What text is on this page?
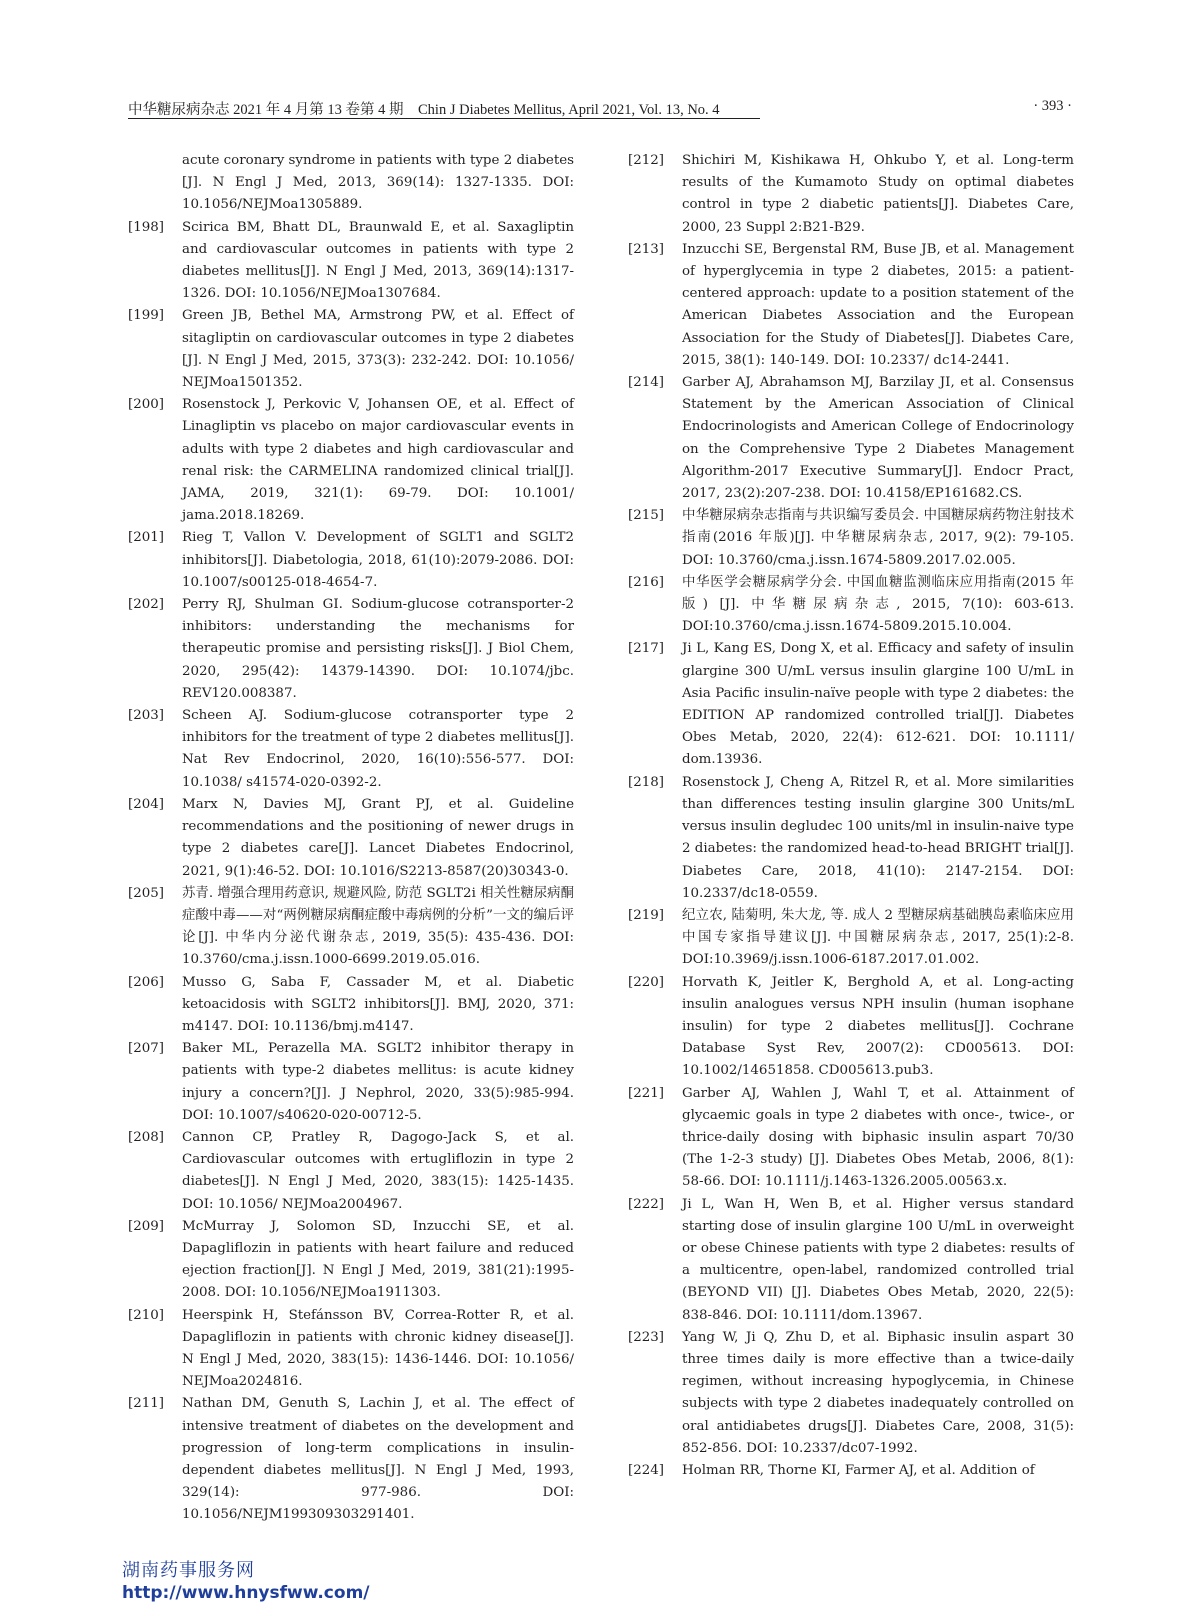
中华糖尿病杂志 2021 年 4 月第 13 卷第 4 期　Chin J Diabetes Mellitus, April 2021, Vol. 13, No. 4	· 393 ·

acute coronary syndrome in patients with type 2 diabetes [J]. N Engl J Med, 2013, 369(14): 1327-1335. DOI: 10.1056/NEJMoa1305889.

[198] Scirica BM, Bhatt DL, Braunwald E, et al. Saxagliptin and cardiovascular outcomes in patients with type 2 diabetes mellitus[J]. N Engl J Med, 2013, 369(14):1317-1326. DOI: 10.1056/NEJMoa1307684.

[199] Green JB, Bethel MA, Armstrong PW, et al. Effect of sitagliptin on cardiovascular outcomes in type 2 diabetes [J]. N Engl J Med, 2015, 373(3): 232-242. DOI: 10.1056/ NEJMoa1501352.

[200] Rosenstock J, Perkovic V, Johansen OE, et al. Effect of Linagliptin vs placebo on major cardiovascular events in adults with type 2 diabetes and high cardiovascular and renal risk: the CARMELINA randomized clinical trial[J]. JAMA, 2019, 321(1): 69-79. DOI: 10.1001/ jama.2018.18269.

[201] Rieg T, Vallon V. Development of SGLT1 and SGLT2 inhibitors[J]. Diabetologia, 2018, 61(10):2079-2086. DOI: 10.1007/s00125-018-4654-7.

[202] Perry RJ, Shulman GI. Sodium-glucose cotransporter-2 inhibitors: understanding the mechanisms for therapeutic promise and persisting risks[J]. J Biol Chem, 2020, 295(42): 14379-14390. DOI: 10.1074/jbc. REV120.008387.

[203] Scheen AJ. Sodium-glucose cotransporter type 2 inhibitors for the treatment of type 2 diabetes mellitus[J]. Nat Rev Endocrinol, 2020, 16(10):556-577. DOI: 10.1038/ s41574-020-0392-2.

[204] Marx N, Davies MJ, Grant PJ, et al. Guideline recommendations and the positioning of newer drugs in type 2 diabetes care[J]. Lancet Diabetes Endocrinol, 2021, 9(1):46-52. DOI: 10.1016/S2213-8587(20)30343-0.

[205] 苏青. 增强合理用药意识, 规避风险, 防范 SGLT2i 相关性糖尿病酮症酸中毒——对“两例糖尿病酮症酸中毒病例的分析”一文的编后评论[J]. 中华内分泌代谢杂志, 2019, 35(5): 435-436. DOI: 10.3760/cma.j.issn.1000-6699.2019.05.016.

[206] Musso G, Saba F, Cassader M, et al. Diabetic ketoacidosis with SGLT2 inhibitors[J]. BMJ, 2020, 371: m4147. DOI: 10.1136/bmj.m4147.

[207] Baker ML, Perazella MA. SGLT2 inhibitor therapy in patients with type-2 diabetes mellitus: is acute kidney injury a concern?[J]. J Nephrol, 2020, 33(5):985-994. DOI: 10.1007/s40620-020-00712-5.

[208] Cannon CP, Pratley R, Dagogo-Jack S, et al. Cardiovascular outcomes with ertugliflozin in type 2 diabetes[J]. N Engl J Med, 2020, 383(15): 1425-1435. DOI: 10.1056/ NEJMoa2004967.

[209] McMurray J, Solomon SD, Inzucchi SE, et al. Dapagliflozin in patients with heart failure and reduced ejection fraction[J]. N Engl J Med, 2019, 381(21):1995-2008. DOI: 10.1056/NEJMoa1911303.

[210] Heerspink H, Stefánsson BV, Correa-Rotter R, et al. Dapagliflozin in patients with chronic kidney disease[J]. N Engl J Med, 2020, 383(15): 1436-1446. DOI: 10.1056/ NEJMoa2024816.

[211] Nathan DM, Genuth S, Lachin J, et al. The effect of intensive treatment of diabetes on the development and progression of long-term complications in insulin-dependent diabetes mellitus[J]. N Engl J Med, 1993, 329(14): 977-986. DOI: 10.1056/NEJM199309303291401.

[212] Shichiri M, Kishikawa H, Ohkubo Y, et al. Long-term results of the Kumamoto Study on optimal diabetes control in type 2 diabetic patients[J]. Diabetes Care, 2000, 23 Suppl 2:B21-B29.

[213] Inzucchi SE, Bergenstal RM, Buse JB, et al. Management of hyperglycemia in type 2 diabetes, 2015: a patient-centered approach: update to a position statement of the American Diabetes Association and the European Association for the Study of Diabetes[J]. Diabetes Care, 2015, 38(1): 140-149. DOI: 10.2337/ dc14-2441.

[214] Garber AJ, Abrahamson MJ, Barzilay JI, et al. Consensus Statement by the American Association of Clinical Endocrinologists and American College of Endocrinology on the Comprehensive Type 2 Diabetes Management Algorithm-2017 Executive Summary[J]. Endocr Pract, 2017, 23(2):207-238. DOI: 10.4158/EP161682.CS.

[215] 中华糖尿病杂志指南与共识编写委员会. 中国糖尿病药物注射技术指南(2016 年版)[J]. 中华糖尿病杂志, 2017, 9(2): 79-105. DOI: 10.3760/cma.j.issn.1674-5809.2017.02.005.

[216] 中华医学会糖尿病学分会. 中国血糖监测临床应用指南(2015 年版) [J]. 中华糖尿病杂志, 2015, 7(10): 603-613. DOI:10.3760/cma.j.issn.1674-5809.2015.10.004.

[217] Ji L, Kang ES, Dong X, et al. Efficacy and safety of insulin glargine 300 U/mL versus insulin glargine 100 U/mL in Asia Pacific insulin-naïve people with type 2 diabetes: the EDITION AP randomized controlled trial[J]. Diabetes Obes Metab, 2020, 22(4): 612-621. DOI: 10.1111/ dom.13936.

[218] Rosenstock J, Cheng A, Ritzel R, et al. More similarities than differences testing insulin glargine 300 Units/mL versus insulin degludec 100 units/ml in insulin-naive type 2 diabetes: the randomized head-to-head BRIGHT trial[J]. Diabetes Care, 2018, 41(10): 2147-2154. DOI: 10.2337/dc18-0559.

[219] 纪立农, 陆菊明, 朱大龙, 等. 成人 2 型糖尿病基础胰岛素临床应用中国专家指导建议[J]. 中国糖尿病杂志, 2017, 25(1):2-8. DOI:10.3969/j.issn.1006-6187.2017.01.002.

[220] Horvath K, Jeitler K, Berghold A, et al. Long-acting insulin analogues versus NPH insulin (human isophane insulin) for type 2 diabetes mellitus[J]. Cochrane Database Syst Rev, 2007(2): CD005613. DOI: 10.1002/14651858. CD005613.pub3.

[221] Garber AJ, Wahlen J, Wahl T, et al. Attainment of glycaemic goals in type 2 diabetes with once-, twice-, or thrice-daily dosing with biphasic insulin aspart 70/30 (The 1-2-3 study) [J]. Diabetes Obes Metab, 2006, 8(1): 58-66. DOI: 10.1111/j.1463-1326.2005.00563.x.

[222] Ji L, Wan H, Wen B, et al. Higher versus standard starting dose of insulin glargine 100 U/mL in overweight or obese Chinese patients with type 2 diabetes: results of a multicentre, open-label, randomized controlled trial (BEYOND VII) [J]. Diabetes Obes Metab, 2020, 22(5): 838-846. DOI: 10.1111/dom.13967.

[223] Yang W, Ji Q, Zhu D, et al. Biphasic insulin aspart 30 three times daily is more effective than a twice-daily regimen, without increasing hypoglycemia, in Chinese subjects with type 2 diabetes inadequately controlled on oral antidiabetes drugs[J]. Diabetes Care, 2008, 31(5): 852-856. DOI: 10.2337/dc07-1992.

[224] Holman RR, Thorne KI, Farmer AJ, et al. Addition of

湖南药事服务网
http://www.hnysfww.com/
